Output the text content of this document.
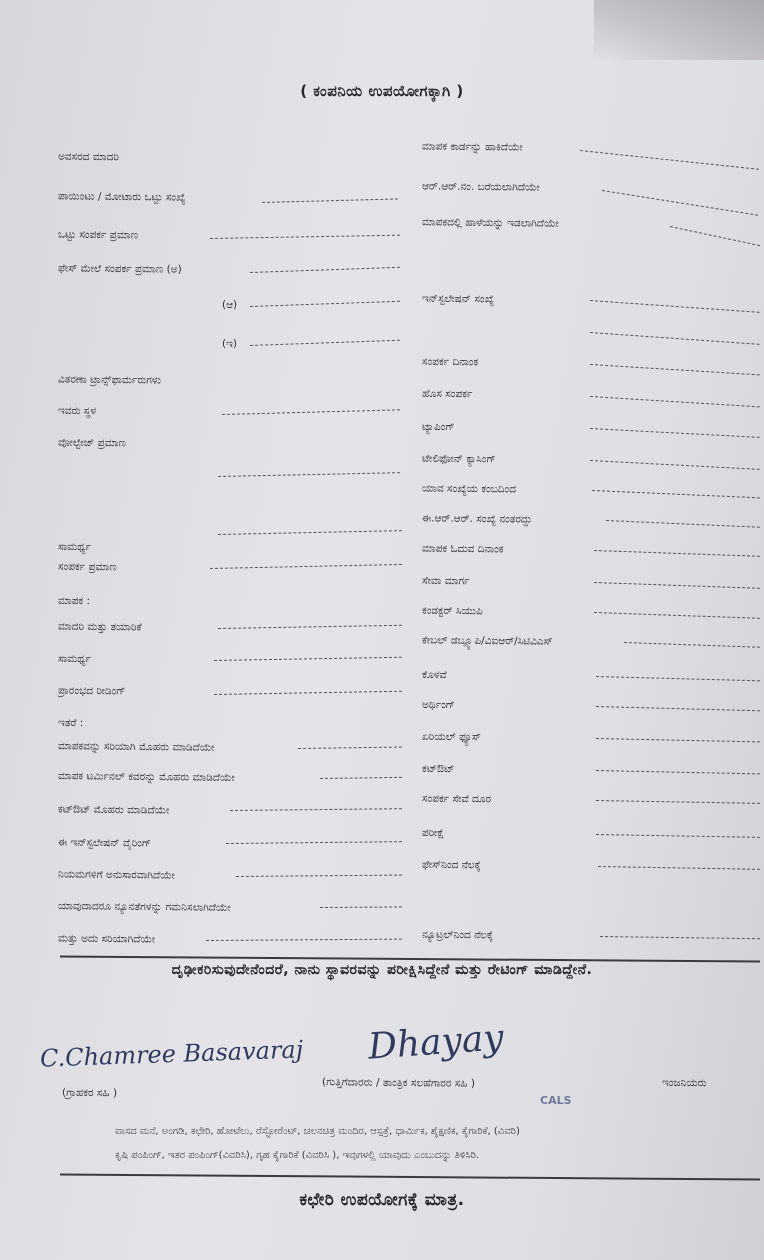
( ಕಂಪನಿಯ ಉಪಯೋಗಕ್ಕಾಗಿ )
ಅವಸರದ ಮಾದರಿ
ಪಾಯಿಂಟು / ಮೋಟಾರು ಒಟ್ಟು ಸಂಖ್ಯೆ
ಒಟ್ಟು ಸಂಪರ್ಕ ಪ್ರಮಾಣ
ಫೇಸ್ ಮೇಲೆ ಸಂಪರ್ಕ ಪ್ರಮಾಣ (ಅ)
(ಆ)
(ಇ)
ವಿತರಣಾ ಟ್ರಾನ್ಸ್‌ಫಾರ್ಮರುಗಳು
ಇವರು ಸ್ಥಳ
ವೋಲ್ಟೇಜ್ ಪ್ರಮಾಣ
ಸಾಮರ್ಥ್ಯ
ಸಂಪರ್ಕ ಪ್ರಮಾಣ
ಮಾಪಕ :
ಮಾದರಿ ಮತ್ತು ತಯಾರಿಕೆ
ಸಾಮರ್ಥ್ಯ
ಪ್ರಾರಂಭದ ರೀಡಿಂಗ್
ಇತರೆ :
ಮಾಪಕವನ್ನು ಸರಿಯಾಗಿ ಮೊಹರು ಮಾಡಿದೆಯೇ
ಮಾಪಕ ಟರ್ಮಿನಲ್ ಕವರನ್ನು ಮೊಹರು ಮಾಡಿದೆಯೇ
ಕಟ್‌ಔಟ್ ಮೊಹರು ಮಾಡಿದೆಯೇ
ಈ ಇನ್‌ಸ್ಟಲೇಷನ್ ವೈರಿಂಗ್
ನಿಯಮಗಳಿಗೆ ಅನುಸಾರವಾಗಿದೆಯೇ
ಯಾವುದಾದರೂ ನ್ಯೂನತೆಗಳನ್ನು ಗಮನಿಸಲಾಗಿದೆಯೇ
ಮತ್ತು ಅದು ಸರಿಯಾಗಿದೆಯೇ
ಮಾಪಕ ಕಾರ್ಡನ್ನು ಹಾಕಿದೆಯೇ
ಆರ್.ಆರ್.ನಂ. ಬರೆಯಲಾಗಿದೆಯೇ
ಮಾಪಕದಲ್ಲಿ ಹಾಳೆಯನ್ನು ಇಡಲಾಗಿದೆಯೇ
ಇನ್‌ಸ್ಟಲೇಷನ್ ಸಂಖ್ಯೆ
ಸಂಪರ್ಕ ದಿನಾಂಕ
ಹೊಸ ಸಂಪರ್ಕ
ಟ್ಯಾಪಿಂಗ್
ಟೇಲಿಫೋನ್ ಕ್ಯಾಸಿಂಗ್
ಯಾವ ಸಂಖ್ಯೆಯ ಕಂಬದಿಂದ
ಈ.ಆರ್.ಆರ್. ಸಂಖ್ಯೆ ನಂತರದ್ದು
ಮಾಪಕ ಓದುವ ದಿನಾಂಕ
ಸೇವಾ ಮಾರ್ಗ
ಕಂಡಕ್ಟರ್ ಸಿಯುಪಿ
ಕೇಬಲ್ ಡಬ್ಲ್ಯೂಪಿ/ವಿಐಆರ್/ಸಿಟಿವಿಎಸ್
ಕೊಳವೆ
ಅರ್ಥಿಂಗ್
ಏರಿಯಲ್ ಫ್ಯೂಸ್
ಕಟ್‌ಔಟ್
ಸಂಪರ್ಕ ಸೇವೆ ದೂರ
ಪರೀಕ್ಷೆ
ಫೇಸ್‌ನಿಂದ ನೆಲಕ್ಕೆ
ನ್ಯೂಟ್ರಲ್‌ನಿಂದ ನೆಲಕ್ಕೆ
ದೃಢೀಕರಿಸುವುದೇನೆಂದರೆ, ನಾನು ಸ್ಥಾವರವನ್ನು ಪರೀಕ್ಷಿಸಿದ್ದೇನೆ ಮತ್ತು ರೇಟಿಂಗ್ ಮಾಡಿದ್ದೇನೆ.
C.Chamree Basavaraj Dhayay
CALS
(ಗ್ರಾಹಕರ ಸಹಿ )
(ಗುತ್ತಿಗೆದಾರರು / ತಾಂತ್ರಿಕ ಸಲಹೆಗಾರರ ಸಹಿ )	ಇಂಜನಿಯರು
ವಾಸದ ಮನೆ, ಅಂಗಡಿ, ಕಛೇರಿ, ಹೋಟೆಲು, ರೆಸ್ಟೋರೆಂಟ್, ಚಲನಚಿತ್ರ ಮಂದಿರ, ಆಸ್ಪತ್ರೆ, ಧಾರ್ಮಿಕ, ಶೈಕ್ಷಣಿಕ, ಕೈಗಾರಿಕೆ, (ವಿವರಿ)
ಕೃಷಿ ಪಂಪಿಂಗ್, ಇತರ ಪಂಪಿಂಗ್(ವಿವರಿಸಿ), ಗೃಹ ಕೈಗಾರಿಕೆ (ವಿವರಿಸಿ ), ಇವುಗಳಲ್ಲಿ ಯಾವುದು ಎಂಬುದನ್ನು ತಿಳಿಸಿರಿ.
ಕಛೇರಿ ಉಪಯೋಗಕ್ಕೆ ಮಾತ್ರ.
